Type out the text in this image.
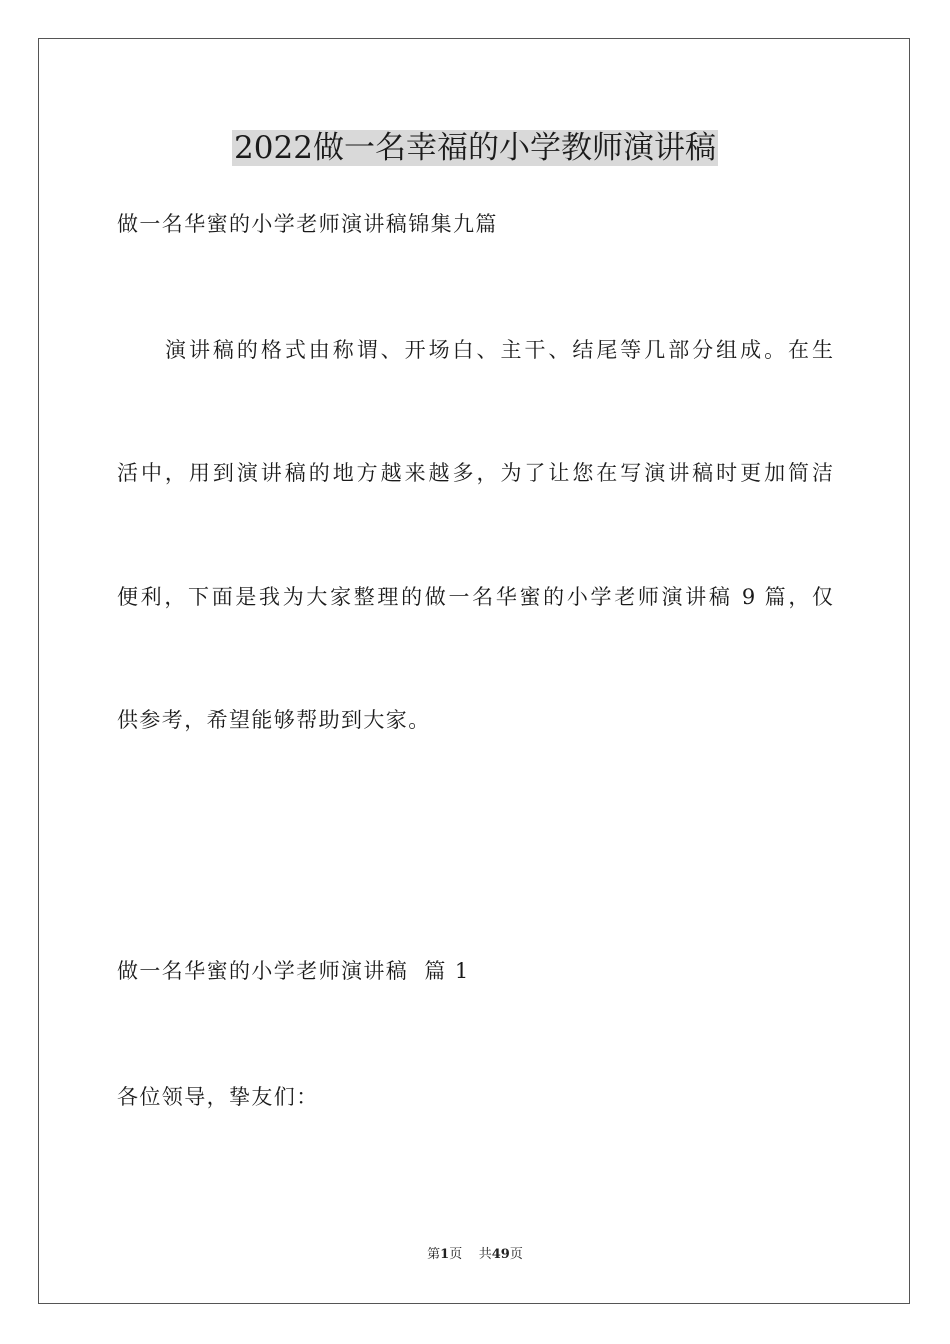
2022做一名幸福的小学教师演讲稿
做一名华蜜的小学老师演讲稿锦集九篇
演讲稿的格式由称谓、开场白、主干、结尾等几部分组成。在生
活中，用到演讲稿的地方越来越多，为了让您在写演讲稿时更加简洁
便利，下面是我为大家整理的做一名华蜜的小学老师演讲稿 9 篇，仅
供参考，希望能够帮助到大家。
做一名华蜜的小学老师演讲稿  篇 1
各位领导，挚友们：
第1页 共49页
